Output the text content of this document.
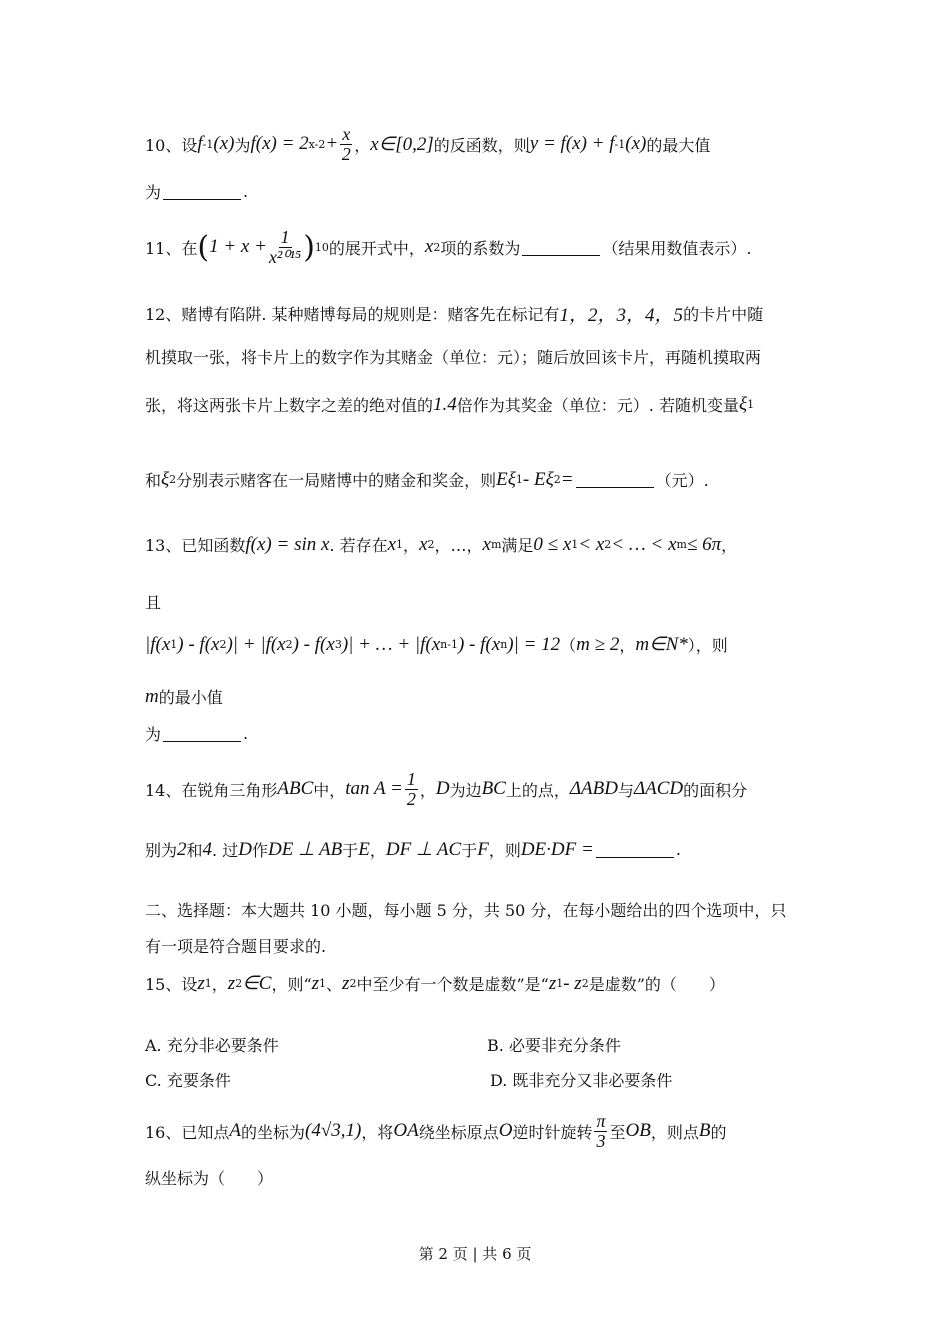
10、设 f -1 (x) 为 f(x) = 2 $x-2 + \frac{x}{2}$ ， x∈[0,2] 的反函数，则 y = f(x) + f -1 (x) 的最大值
为	.
11、在 ( $1 + x + \frac{1}{\text{x²⁰¹⁵}}$ ) 10 的展开式中， x 2 项的系数为	（结果用数值表示）.
12、赌博有陷阱. 某种赌博每局的规则是：赌客先在标记有 1，2，3，4，5 的卡片中随
机摸取一张，将卡片上的数字作为其赌金（单位：元）；随后放回该卡片，再随机摸取两
张，将这两张卡片上数字之差的绝对值的 1.4 倍作为其奖金（单位：元）. 若随机变量 ξ 1
和 ξ 2 分别表示赌客在一局赌博中的赌金和奖金，则 Eξ 1 - Eξ 2 =	（元）.
13、已知函数 f(x) = sin x . 若存在 x 1 ， x 2 ，…， x m 满足 0 ≤ x 1 < x 2 < … < x m ≤ 6π ，
且
|f(x 1 ) - f(x 2 )| + |f(x 2 ) - f(x 3 )| + … + |f(x n-1 ) - f(x n )| = 12 （ m ≥ 2 ， m∈N* ），则
m 的最小值
为	.
14、在锐角三角形 ABC 中， $\tan A = \frac{1}{2}$ ， D 为边 BC 上的点， ΔABD 与 ΔACD 的面积分
别为 2 和 4 . 过 D 作 DE ⊥ AB 于 E ， DF ⊥ AC 于 F ，则 DE·DF =	.
二、选择题：本大题共 10 小题，每小题 5 分，共 50 分，在每小题给出的四个选项中，只
有一项是符合题目要求的.
15、设 z 1 ， z 2 ∈C ，则“ z 1 、 z 2 中至少有一个数是虚数”是“ z 1 - z 2 是虚数”的（　　）
16、已知点 A 的坐标为 (4√3,1) ，将 OA 绕坐标原点 O 逆时针旋转 $\frac{\pi}{3}$ 至 OB ，则点 B 的
纵坐标为（　　）
A. 充分非必要条件	B. 必要非充分条件
C. 充要条件	D. 既非充分又非必要条件
第 2 页 | 共 6 页
